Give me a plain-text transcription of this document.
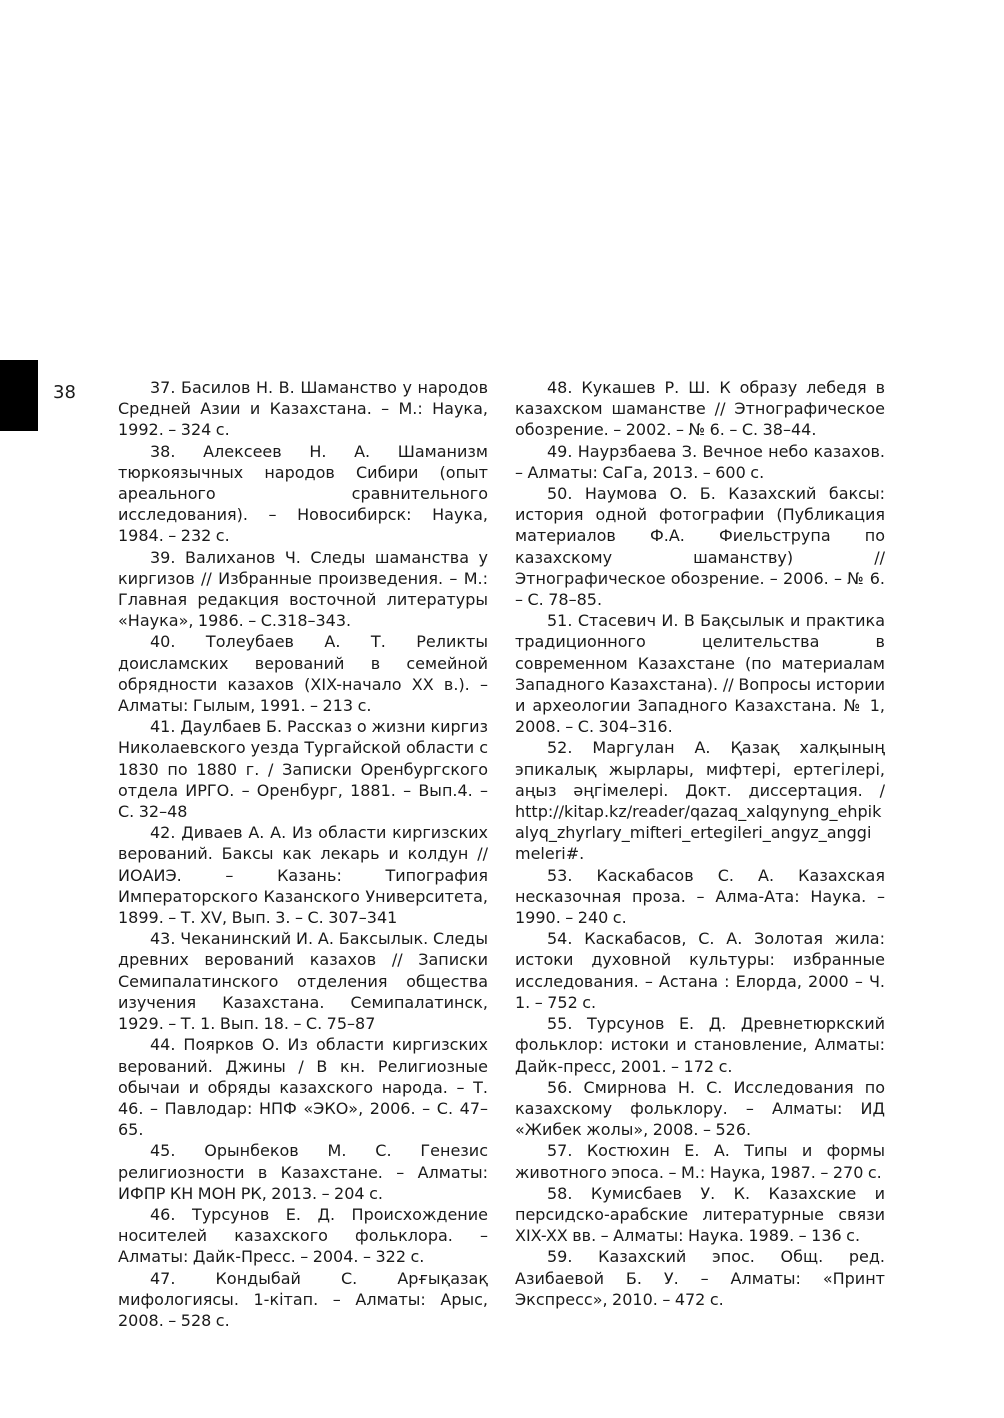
38	37. Басилов Н. В. Шаманство у народов Средней Азии и Казахстана. – М.: Наука, 1992. – 324 с.

38. Алексеев Н. А. Шаманизм тюркоязычных народов Сибири (опыт ареального сравнительного исследования). – Новосибирск: Наука, 1984. – 232 с.

39. Валиханов Ч. Следы шаманства у киргизов // Избранные произведения. – М.: Главная редакция восточной литературы «Наука», 1986. – С.318–343.

40. Толеубаев А. Т. Реликты доисламских верований в семейной обрядности казахов (XIX-начало XX в.). – Алматы: Гылым, 1991. – 213 с.

41. Даулбаев Б. Рассказ о жизни киргиз Николаевского уезда Тургайской области с 1830 по 1880 г. / Записки Оренбургского отдела ИРГО. – Оренбург, 1881. – Вып.4. – С. 32–48

42. Диваев А. А. Из области киргизских верований. Баксы как лекарь и колдун // ИОАИЭ. – Казань: Типография Императорского Казанского Университета, 1899. – Т. XV, Вып. 3. – С. 307–341

43. Чеканинский И. А. Баксылык. Следы древних верований казахов // Записки Семипалатинского отделения общества изучения Казахстана. Семипалатинск, 1929. – Т. 1. Вып. 18. – С. 75–87

44. Поярков О. Из области киргизских верований. Джины / В кн. Религиозные обычаи и обряды казахского народа. – Т. 46. – Павлодар: НПФ «ЭКО», 2006. – С. 47–65.

45. Орынбеков М. С. Генезис религиозности в Казахстане. – Алматы: ИФПР КН МОН РК, 2013. – 204 с.

46. Турсунов Е. Д. Происхождение носителей казахского фольклора. – Алматы: Дайк-Пресс. – 2004. – 322 с.

47. Кондыбай С. Арғықазақ мифологиясы. 1-кітап. – Алматы: Арыс, 2008. – 528 с.

48. Кукашев Р. Ш. К образу лебедя в казахском шаманстве // Этнографическое обозрение. – 2002. – № 6. – С. 38–44.

49. Наурзбаева З. Вечное небо казахов. – Алматы: СаГа, 2013. – 600 с.

50. Наумова О. Б. Казахский баксы: история одной фотографии (Публикация материалов Ф.А. Фиельструпа по казахскому шаманству) // Этнографическое обозрение. – 2006. – № 6. – С. 78–85.

51. Стасевич И. В Бақсылык и практика традиционного целительства в современном Казахстане (по материалам Западного Казахстана). // Вопросы истории и археологии Западного Казахстана. № 1, 2008. – С. 304–316.

52. Маргулан А. Қазақ халқының эпикалық жырлары, мифтері, ертегілері, аңыз әңгімелері. Докт. диссертация. / http://kitap.kz/reader/qazaq_xalqynyng_ehpikalyq_zhyrlary_mifteri_ertegileri_angyz_anggimeleri#.

53. Каскабасов С. А. Казахская несказочная проза. – Алма-Ата: Наука. – 1990. – 240 с.

54. Каскабасов, С. А. Золотая жила: истоки духовной культуры: избранные исследования. – Астана : Елорда, 2000 – Ч. 1. – 752 с.

55. Турсунов Е. Д. Древнетюркский фольклор: истоки и становление, Алматы: Дайк-пресс, 2001. – 172 с.

56. Смирнова Н. С. Исследования по казахскому фольклору. – Алматы: ИД «Жибек жолы», 2008. – 526.

57. Костюхин Е. А. Типы и формы животного эпоса. – М.: Наука, 1987. – 270 с.

58. Кумисбаев У. К. Казахские и персидско-арабские литературные связи XIX-XX вв. – Алматы: Наука. 1989. – 136 с.

59. Казахский эпос. Общ. ред. Азибаевой Б. У. – Алматы: «Принт Экспресс», 2010. – 472 с.
